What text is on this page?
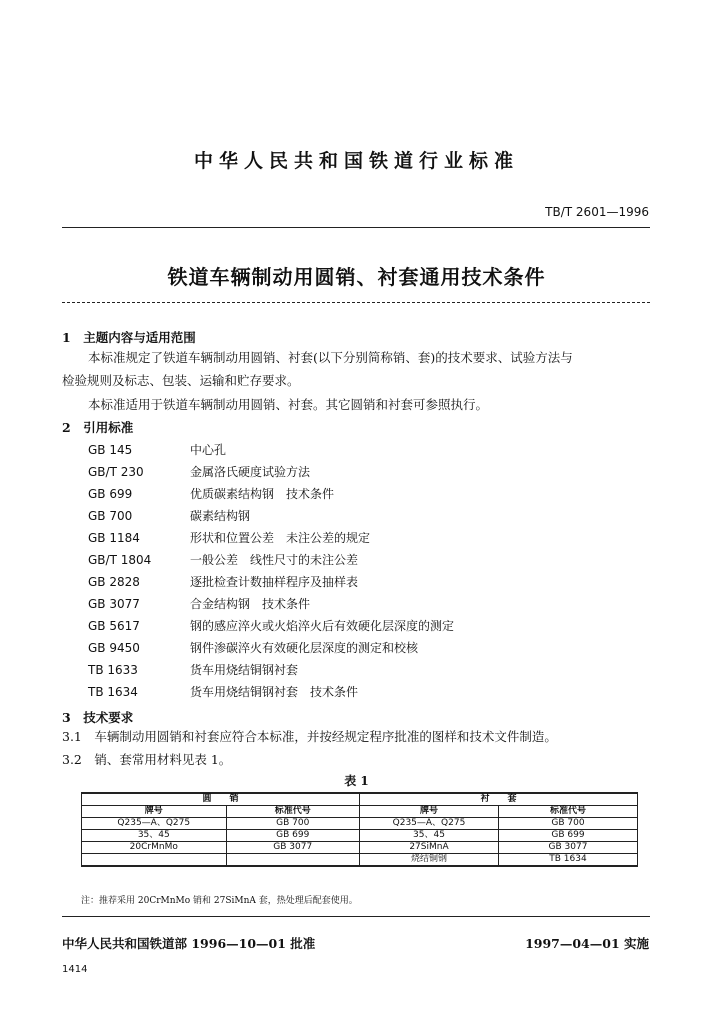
中华人民共和国铁道行业标准
TB/T 2601—1996
铁道车辆制动用圆销、衬套通用技术条件
1　主题内容与适用范围
本标准规定了铁道车辆制动用圆销、衬套(以下分别简称销、套)的技术要求、试验方法与
检验规则及标志、包装、运输和贮存要求。
本标准适用于铁道车辆制动用圆销、衬套。其它圆销和衬套可参照执行。
2　引用标准
GB 145	中心孔
GB/T 230	金属洛氏硬度试验方法
GB 699	优质碳素结构钢　技术条件
GB 700	碳素结构钢
GB 1184	形状和位置公差　未注公差的规定
GB/T 1804	一般公差　线性尺寸的未注公差
GB 2828	逐批检查计数抽样程序及抽样表
GB 3077	合金结构钢　技术条件
GB 5617	钢的感应淬火或火焰淬火后有效硬化层深度的测定
GB 9450	钢件渗碳淬火有效硬化层深度的测定和校核
TB 1633	货车用烧结铜钢衬套
TB 1634	货车用烧结铜钢衬套　技术条件
3　技术要求
3.1　车辆制动用圆销和衬套应符合本标准，并按经规定程序批准的图样和技术文件制造。
3.2　销、套常用材料见表 1。
表 1
圆　　销		衬　　套	
牌号	标准代号	牌号	标准代号
Q235—A、Q275	GB 700	Q235—A、Q275	GB 700
35、45	GB 699	35、45	GB 699
20CrMnMo	GB 3077	27SiMnA	GB 3077
		烧结铜钢	TB 1634
注：推荐采用 20CrMnMo 销和 27SiMnA 套，热处理后配套使用。
中华人民共和国铁道部 1996—10—01 批准	1997—04—01 实施
1414
